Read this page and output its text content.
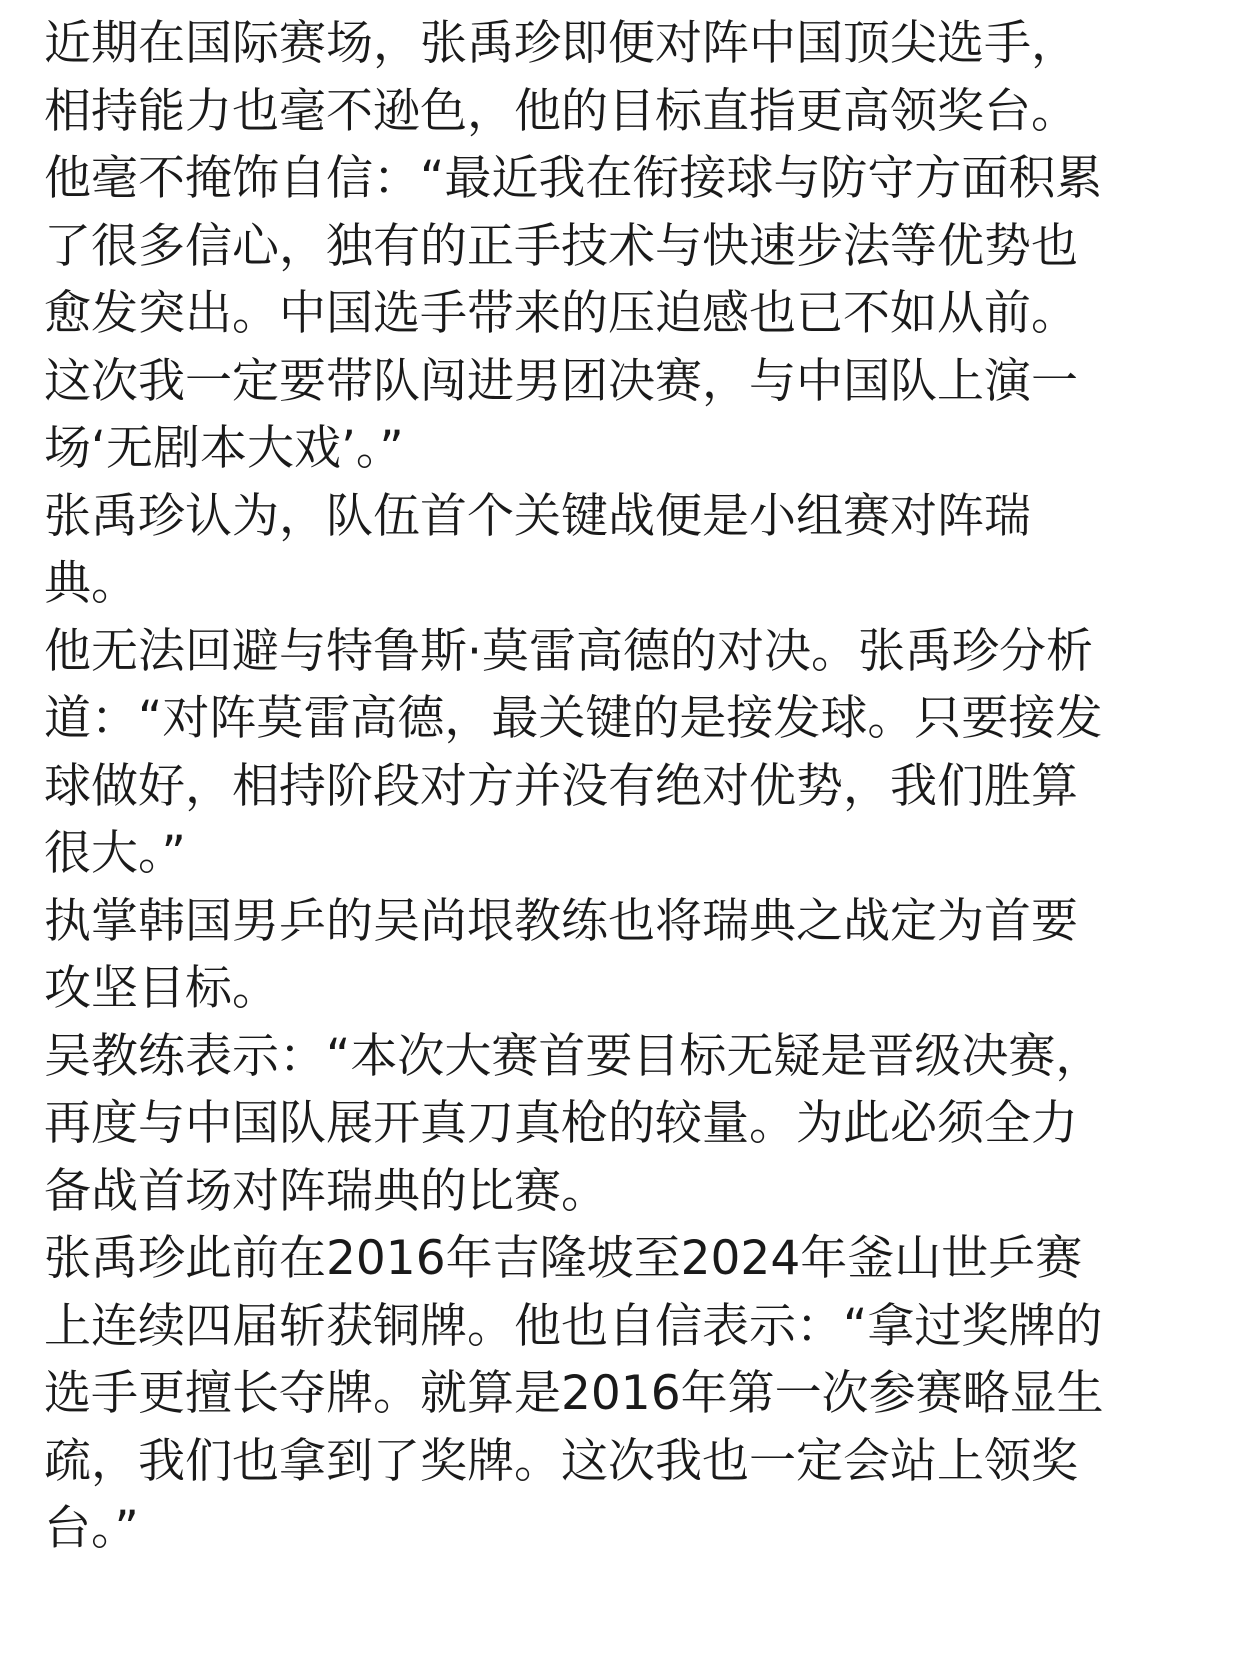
近期在国际赛场，张禹珍即便对阵中国顶尖选手，
相持能力也毫不逊色，他的目标直指更高领奖台。

他毫不掩饰自信：“最近我在衔接球与防守方面积累
了很多信心，独有的正手技术与快速步法等优势也
愈发突出。中国选手带来的压迫感也已不如从前。
这次我一定要带队闯进男团决赛，与中国队上演一
场‘无剧本大戏’。”

张禹珍认为，队伍首个关键战便是小组赛对阵瑞
典。

他无法回避与特鲁斯·莫雷高德的对决。张禹珍分析
道：“对阵莫雷高德，最关键的是接发球。只要接发
球做好，相持阶段对方并没有绝对优势，我们胜算
很大。”

执掌韩国男乒的吴尚垠教练也将瑞典之战定为首要
攻坚目标。

吴教练表示：“本次大赛首要目标无疑是晋级决赛，
再度与中国队展开真刀真枪的较量。为此必须全力
备战首场对阵瑞典的比赛。

张禹珍此前在2016年吉隆坡至2024年釜山世乒赛
上连续四届斩获铜牌。他也自信表示：“拿过奖牌的
选手更擅长夺牌。就算是2016年第一次参赛略显生
疏，我们也拿到了奖牌。这次我也一定会站上领奖
台。”
